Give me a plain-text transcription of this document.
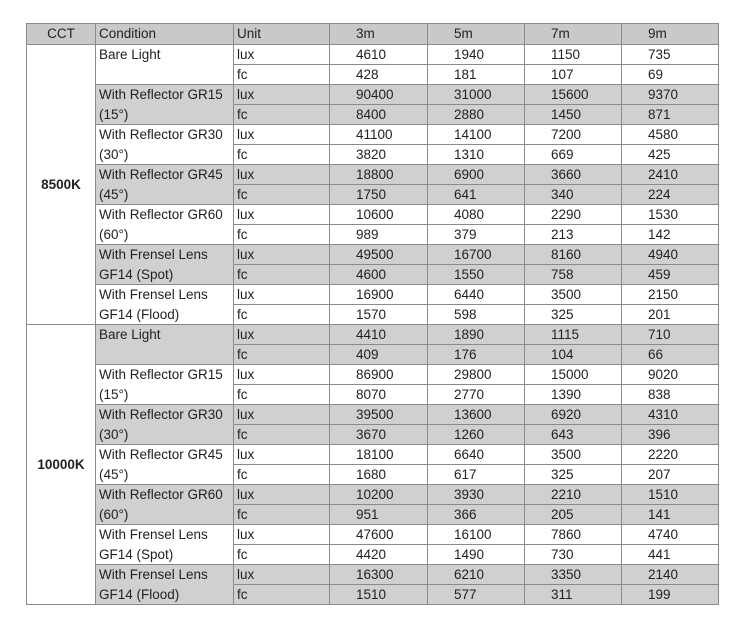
CCT	Condition	Unit	3m	5m	7m	9m
8500K	Bare Light	lux	4610	1940	1150	735
		fc	428	181	107	69
	With Reflector GR15 (15°)	lux	90400	31000	15600	9370
		fc	8400	2880	1450	871
	With Reflector GR30 (30°)	lux	41100	14100	7200	4580
		fc	3820	1310	669	425
	With Reflector GR45 (45°)	lux	18800	6900	3660	2410
		fc	1750	641	340	224
	With Reflector GR60 (60°)	lux	10600	4080	2290	1530
		fc	989	379	213	142
	With Frensel Lens GF14 (Spot)	lux	49500	16700	8160	4940
		fc	4600	1550	758	459
	With Frensel Lens GF14 (Flood)	lux	16900	6440	3500	2150
		fc	1570	598	325	201
10000K	Bare Light	lux	4410	1890	1115	710
		fc	409	176	104	66
	With Reflector GR15 (15°)	lux	86900	29800	15000	9020
		fc	8070	2770	1390	838
	With Reflector GR30 (30°)	lux	39500	13600	6920	4310
		fc	3670	1260	643	396
	With Reflector GR45 (45°)	lux	18100	6640	3500	2220
		fc	1680	617	325	207
	With Reflector GR60 (60°)	lux	10200	3930	2210	1510
		fc	951	366	205	141
	With Frensel Lens GF14 (Spot)	lux	47600	16100	7860	4740
		fc	4420	1490	730	441
	With Frensel Lens GF14 (Flood)	lux	16300	6210	3350	2140
		fc	1510	577	311	199
